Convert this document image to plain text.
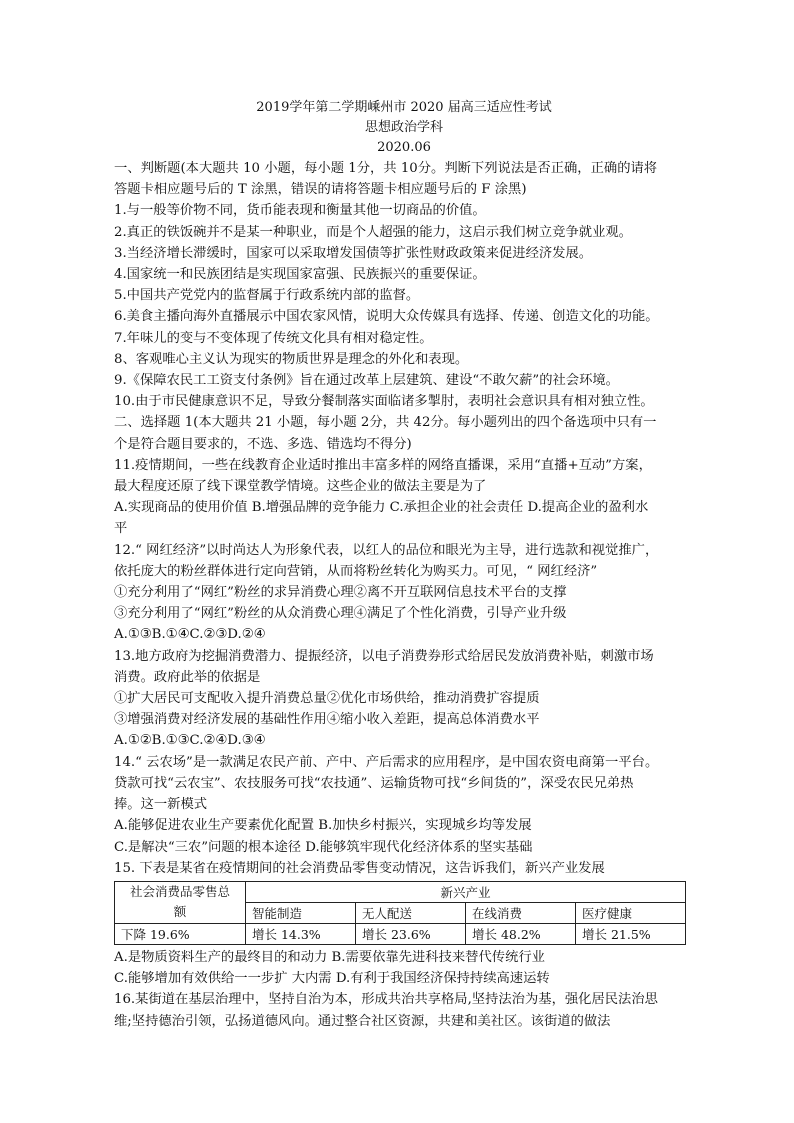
2019学年第二学期嵊州市 2020 届高三适应性考试
思想政治学科
2020.06
一、判断题(本大题共 10 小题，每小题 1分，共 10分。判断下列说法是否正确，正确的请将
答题卡相应题号后的 T 涂黑，错误的请将答题卡相应题号后的 F 涂黑)
1.与一般等价物不同，货币能表现和衡量其他一切商品的价值。
2.真正的铁饭碗并不是某一种职业，而是个人超强的能力，这启示我们树立竞争就业观。
3.当经济增长滞缓时，国家可以采取增发国债等扩张性财政政策来促进经济发展。
4.国家统一和民族团结是实现国家富强、民族振兴的重要保证。
5.中国共产党党内的监督属于行政系统内部的监督。
6.美食主播向海外直播展示中国农家风情，说明大众传媒具有选择、传递、创造文化的功能。
7.年味儿的变与不变体现了传统文化具有相对稳定性。
8、客观唯心主义认为现实的物质世界是理念的外化和表现。
9.《保障农民工工资支付条例》旨在通过改革上层建筑、建设“不敢欠薪”的社会环境。
10.由于市民健康意识不足，导致分餐制落实面临诸多掣肘，表明社会意识具有相对独立性。
二、选择题 1(本大题共 21 小题，每小题 2分，共 42分。每小题列出的四个备选项中只有一
个是符合题目要求的，不选、多选、错选均不得分)
11.疫情期间，一些在线教育企业适时推出丰富多样的网络直播课，采用“直播+互动”方案，
最大程度还原了线下课堂教学情境。这些企业的做法主要是为了
A.实现商品的使用价值 B.增强品牌的竞争能力 C.承担企业的社会责任 D.提高企业的盈利水
平
12.“ 网红经济”以时尚达人为形象代表，以红人的品位和眼光为主导，进行选款和视觉推广，
依托庞大的粉丝群体进行定向营销，从而将粉丝转化为购买力。可见，“ 网红经济”
①充分利用了“网红”粉丝的求异消费心理②离不开互联网信息技术平台的支撑
③充分利用了“网红”粉丝的从众消费心理④满足了个性化消费，引导产业升级
A.①③B.①④C.②③D.②④
13.地方政府为挖掘消费潜力、提振经济，以电子消费券形式给居民发放消费补贴，刺激市场
消费。政府此举的依据是
①扩大居民可支配收入提升消费总量②优化市场供给，推动消费扩容提质
③增强消费对经济发展的基础性作用④缩小收入差距，提高总体消费水平
A.①②B.①③C.②④D.③④
14.“ 云农场”是一款满足农民产前、产中、产后需求的应用程序，是中国农资电商第一平台。
贷款可找“云农宝”、农技服务可找“农技通”、运输货物可找“乡间货的”，深受农民兄弟热
捧。这一新模式
A.能够促进农业生产要素优化配置 B.加快乡村振兴，实现城乡均等发展
C.是解决“三农”问题的根本途径 D.能够筑牢现代化经济体系的坚实基础
15. 下表是某省在疫情期间的社会消费品零售变动情况，这告诉我们，新兴产业发展
社会消费品零售总
额	新兴产业			
	智能制造	无人配送	在线消费	医疗健康
下降 19.6%	增长 14.3%	增长 23.6%	增长 48.2%	增长 21.5%
A.是物质资料生产的最终目的和动力 B.需要依靠先进科技来替代传统行业
C.能够增加有效供给一一步扩 大内需 D.有利于我国经济保持持续高速运转
16.某街道在基层治理中，坚持自治为本，形成共治共享格局,坚持法治为基，强化居民法治思
维;坚持德治引领，弘扬道德风向。通过整合社区资源，共建和美社区。该街道的做法
